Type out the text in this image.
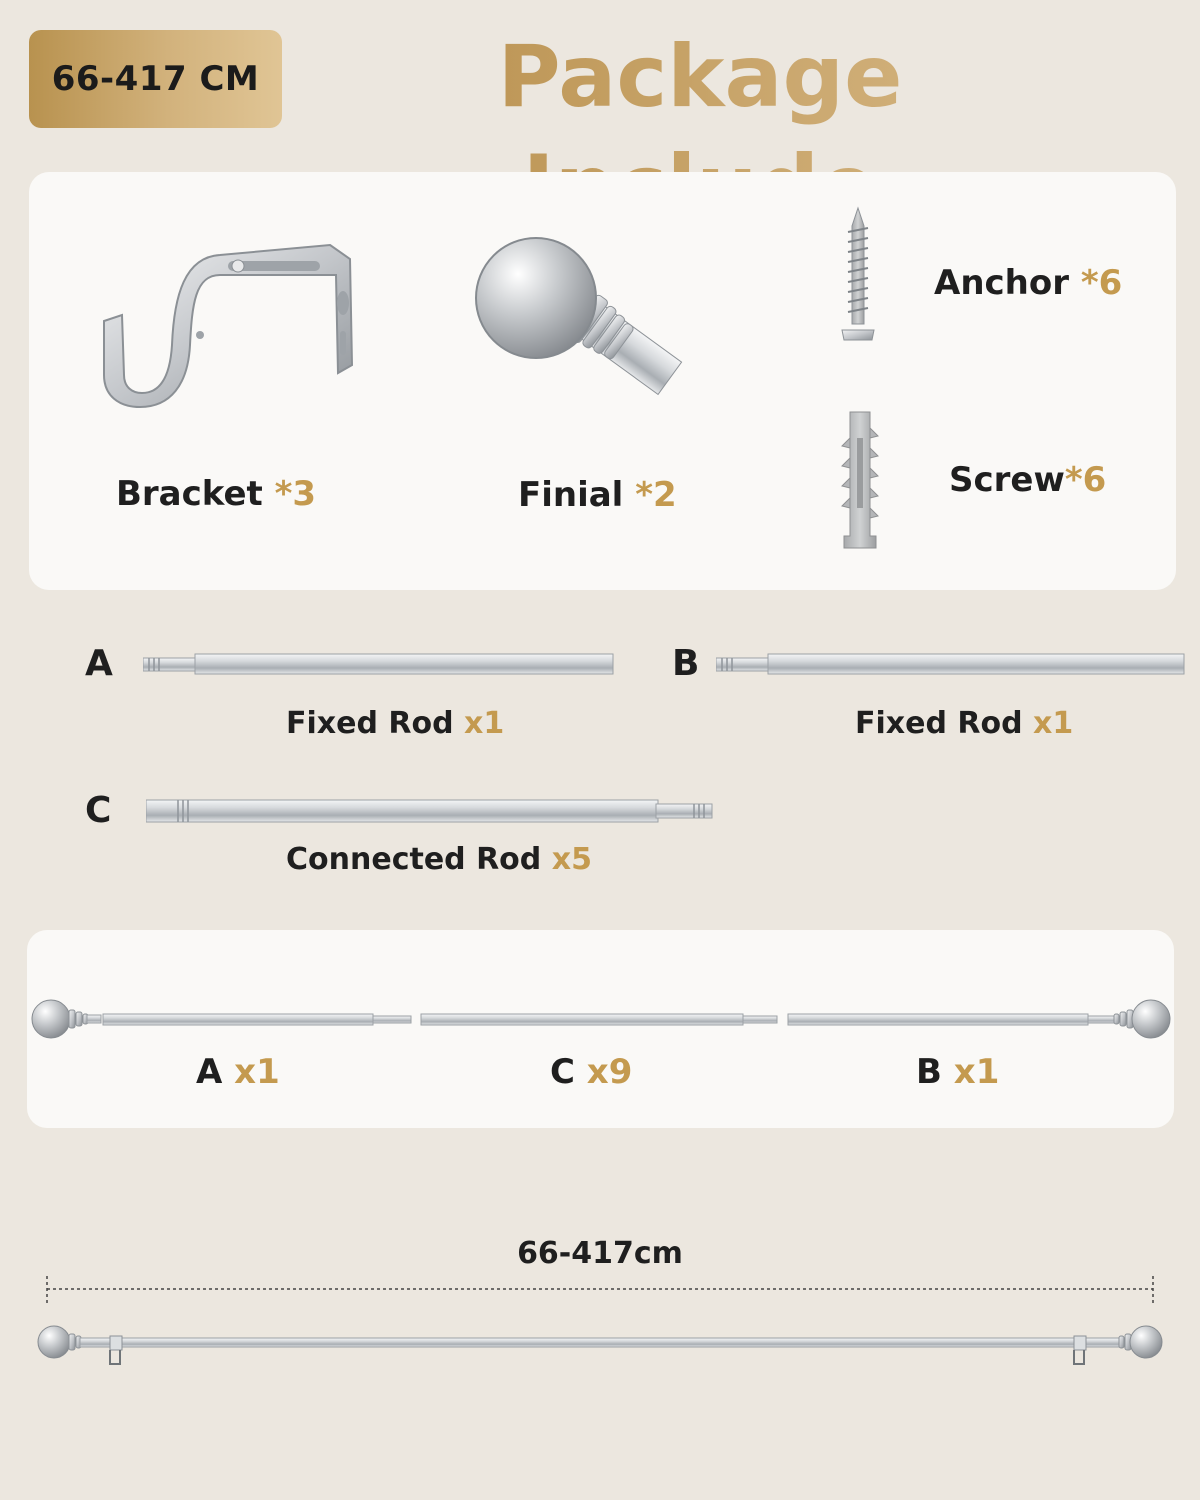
66-417 CM	Package
Bracket *3	Finial *2
Anchor *6
Screw*6
A
Fixed Rod x1
B
Fixed Rod x1
C
Connected Rod x5
A x1	C x9	B x1
66-417cm
